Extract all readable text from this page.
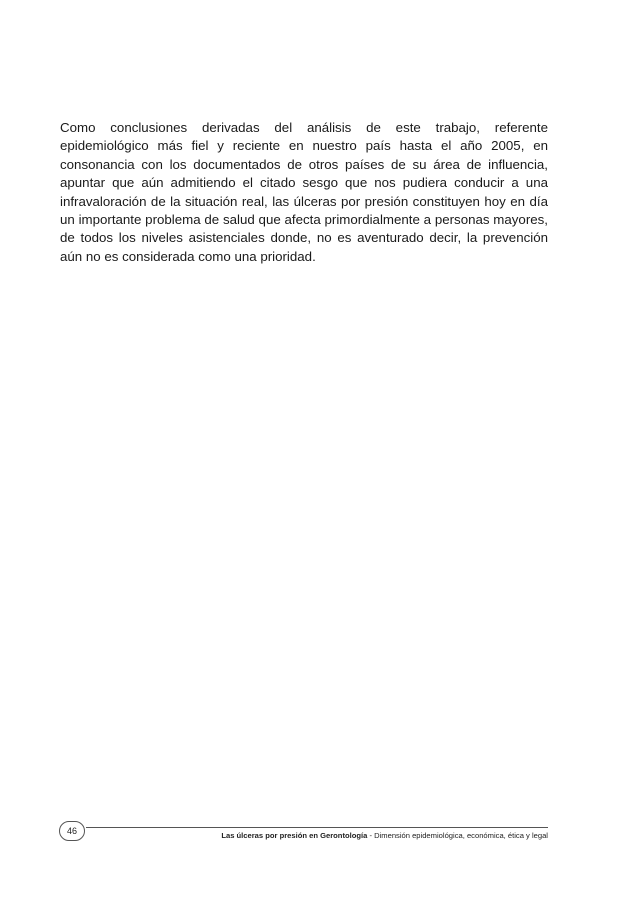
Como conclusiones derivadas del análisis de este trabajo, referente epidemiológico más fiel y reciente en nuestro país hasta el año 2005, en consonancia con los documentados de otros países de su área de influencia, apuntar que aún admitiendo el citado sesgo que nos pudiera conducir a una infravaloración de la situación real, las úlceras por presión constituyen hoy en día un importante problema de salud que afecta primordialmente a personas mayores, de todos los niveles asistenciales donde, no es aventurado decir, la prevención aún no es considerada como una prioridad.

46	Las úlceras por presión en Gerontología - Dimensión epidemiológica, económica, ética y legal
